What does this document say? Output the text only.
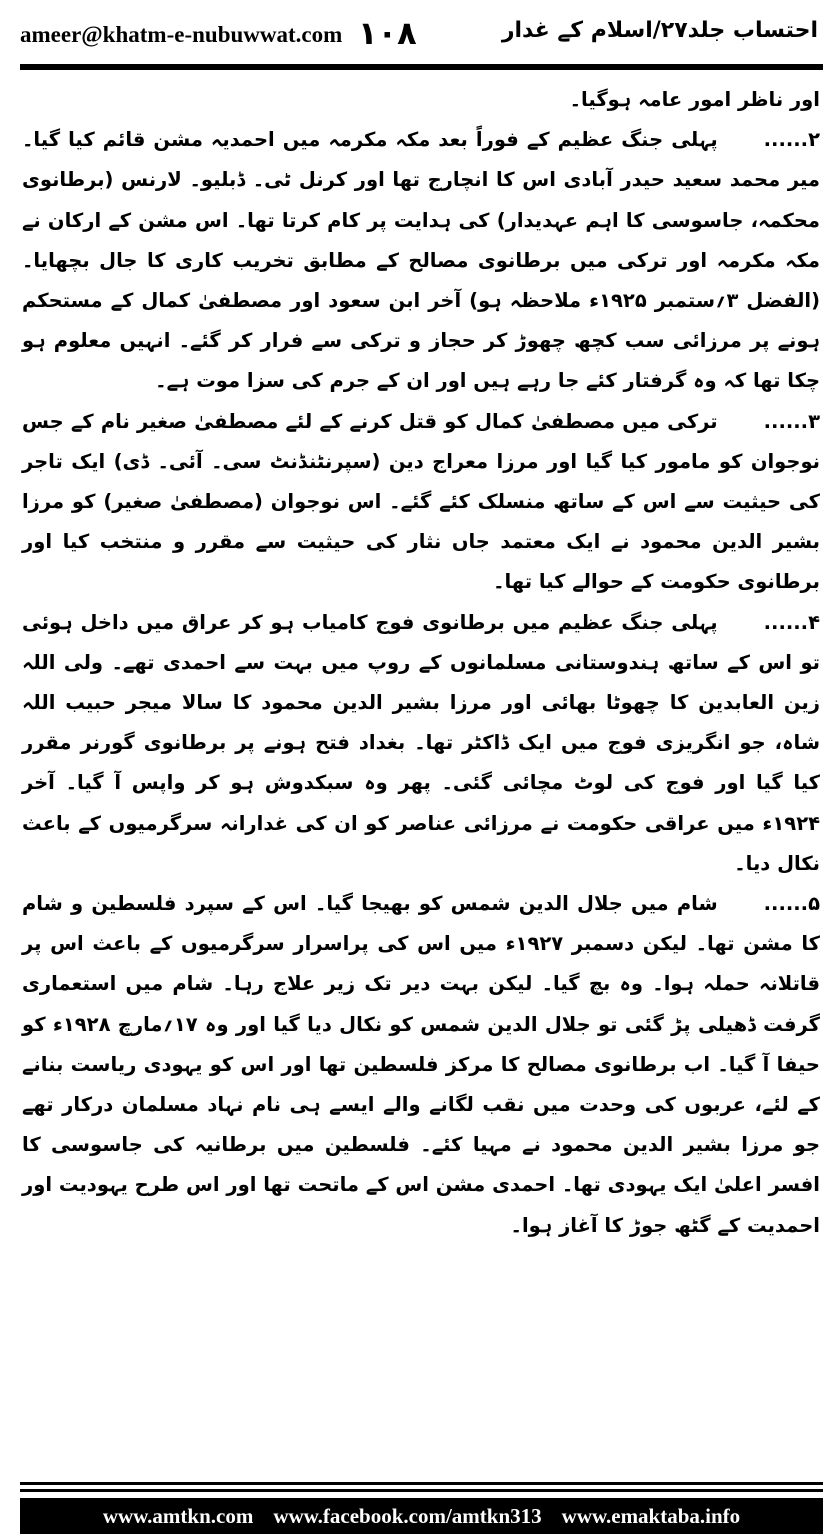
ameer@khatm-e-nubuwwat.com ۱۰۸	احتساب جلد۲۷/اسلام کے غدار

اور ناظر امور عامہ ہوگیا۔

۲......پہلی جنگ عظیم کے فوراً بعد مکہ مکرمہ میں احمدیہ مشن قائم کیا گیا۔ میر محمد سعید حیدر آبادی اس کا انچارج تھا اور کرنل ٹی۔ ڈبلیو۔ لارنس (برطانوی محکمہ، جاسوسی کا اہم عہدیدار) کی ہدایت پر کام کرتا تھا۔ اس مشن کے ارکان نے مکہ مکرمہ اور ترکی میں برطانوی مصالح کے مطابق تخریب کاری کا جال بچھایا۔ (الفضل ۳؍ستمبر ۱۹۲۵ء ملاحظہ ہو) آخر ابن سعود اور مصطفیٰ کمال کے مستحکم ہونے پر مرزائی سب کچھ چھوڑ کر حجاز و ترکی سے فرار کر گئے۔ انہیں معلوم ہو چکا تھا کہ وہ گرفتار کئے جا رہے ہیں اور ان کے جرم کی سزا موت ہے۔

۳......ترکی میں مصطفیٰ کمال کو قتل کرنے کے لئے مصطفیٰ صغیر نام کے جس نوجوان کو مامور کیا گیا اور مرزا معراج دین (سپرنٹنڈنٹ سی۔ آئی۔ ڈی) ایک تاجر کی حیثیت سے اس کے ساتھ منسلک کئے گئے۔ اس نوجوان (مصطفیٰ صغیر) کو مرزا بشیر الدین محمود نے ایک معتمد جاں نثار کی حیثیت سے مقرر و منتخب کیا اور برطانوی حکومت کے حوالے کیا تھا۔

۴......پہلی جنگ عظیم میں برطانوی فوج کامیاب ہو کر عراق میں داخل ہوئی تو اس کے ساتھ ہندوستانی مسلمانوں کے روپ میں بہت سے احمدی تھے۔ ولی اللہ زین العابدین کا چھوٹا بھائی اور مرزا بشیر الدین محمود کا سالا میجر حبیب اللہ شاہ، جو انگریزی فوج میں ایک ڈاکٹر تھا۔ بغداد فتح ہونے پر برطانوی گورنر مقرر کیا گیا اور فوج کی لوٹ مچائی گئی۔ پھر وہ سبکدوش ہو کر واپس آ گیا۔ آخر ۱۹۲۴ء میں عراقی حکومت نے مرزائی عناصر کو ان کی غدارانہ سرگرمیوں کے باعث نکال دیا۔

۵......شام میں جلال الدین شمس کو بھیجا گیا۔ اس کے سپرد فلسطین و شام کا مشن تھا۔ لیکن دسمبر ۱۹۲۷ء میں اس کی پراسرار سرگرمیوں کے باعث اس پر قاتلانہ حملہ ہوا۔ وہ بچ گیا۔ لیکن بہت دیر تک زیر علاج رہا۔ شام میں استعماری گرفت ڈھیلی پڑ گئی تو جلال الدین شمس کو نکال دیا گیا اور وہ ۱۷؍مارچ ۱۹۲۸ء کو حیفا آ گیا۔ اب برطانوی مصالح کا مرکز فلسطین تھا اور اس کو یہودی ریاست بنانے کے لئے، عربوں کی وحدت میں نقب لگانے والے ایسے ہی نام نہاد مسلمان درکار تھے جو مرزا بشیر الدین محمود نے مہیا کئے۔ فلسطین میں برطانیہ کی جاسوسی کا افسر اعلیٰ ایک یہودی تھا۔ احمدی مشن اس کے ماتحت تھا اور اس طرح یہودیت اور احمدیت کے گٹھ جوڑ کا آغاز ہوا۔

www.amtkn.com www.facebook.com/amtkn313 www.emaktaba.info
